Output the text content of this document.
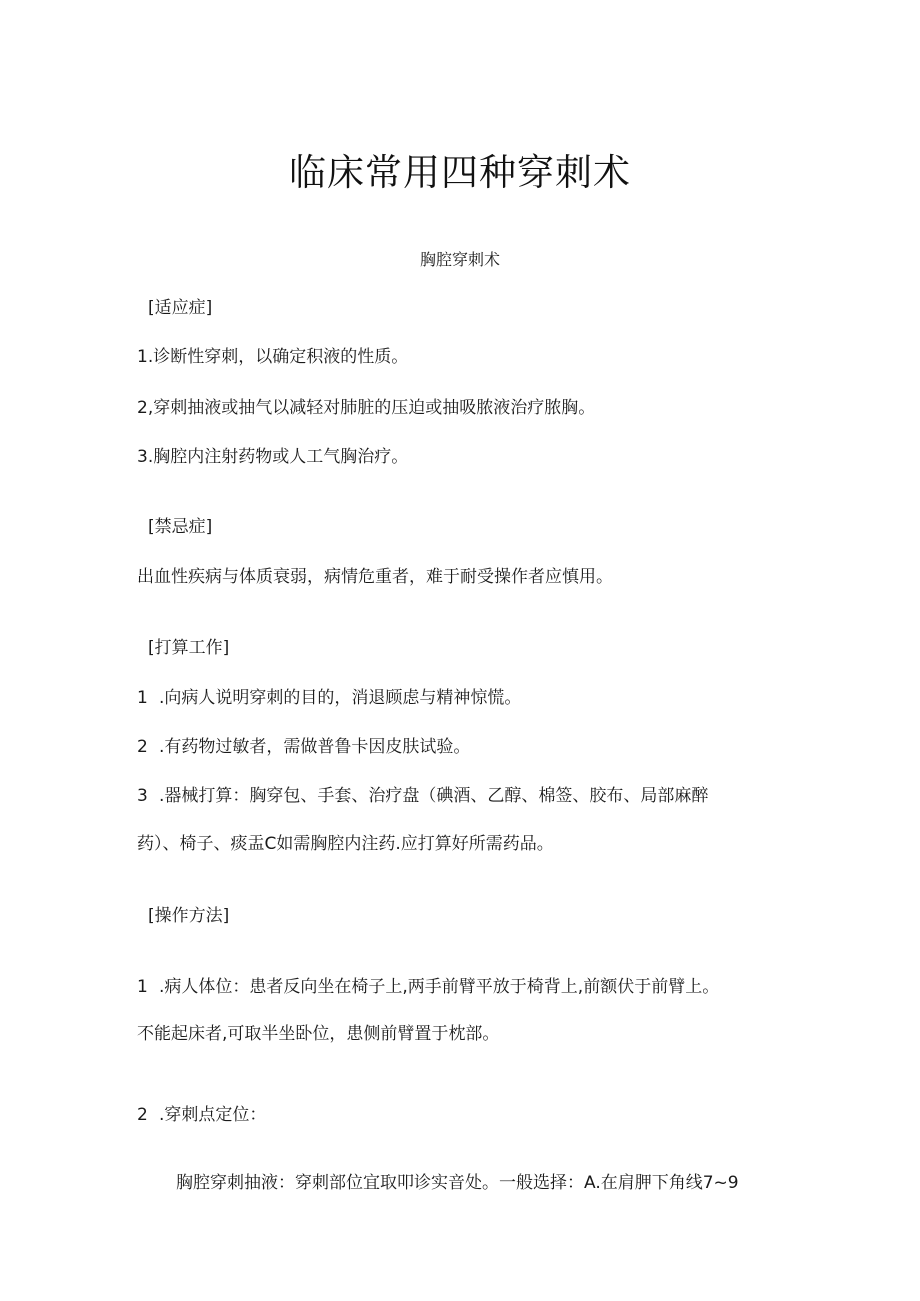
临床常用四种穿刺术
胸腔穿刺术
[适应症]
1.诊断性穿刺，以确定积液的性质。
2,穿刺抽液或抽气以减轻对肺脏的压迫或抽吸脓液治疗脓胸。
3.胸腔内注射药物或人工气胸治疗。
[禁忌症]
出血性疾病与体质衰弱，病情危重者，难于耐受操作者应慎用。
[打算工作]
1 .向病人说明穿刺的目的，消退顾虑与精神惊慌。
2 .有药物过敏者，需做普鲁卡因皮肤试验。
3 .器械打算：胸穿包、手套、治疗盘（碘酒、乙醇、棉签、胶布、局部麻醉
药）、椅子、痰盂C如需胸腔内注药.应打算好所需药品。
[操作方法]
1 .病人体位：患者反向坐在椅子上,两手前臂平放于椅背上,前额伏于前臂上。
不能起床者,可取半坐卧位，患侧前臂置于枕部。
2 .穿刺点定位：
胸腔穿刺抽液：穿刺部位宜取叩诊实音处。一般选择：A.在肩胛下角线7~9
